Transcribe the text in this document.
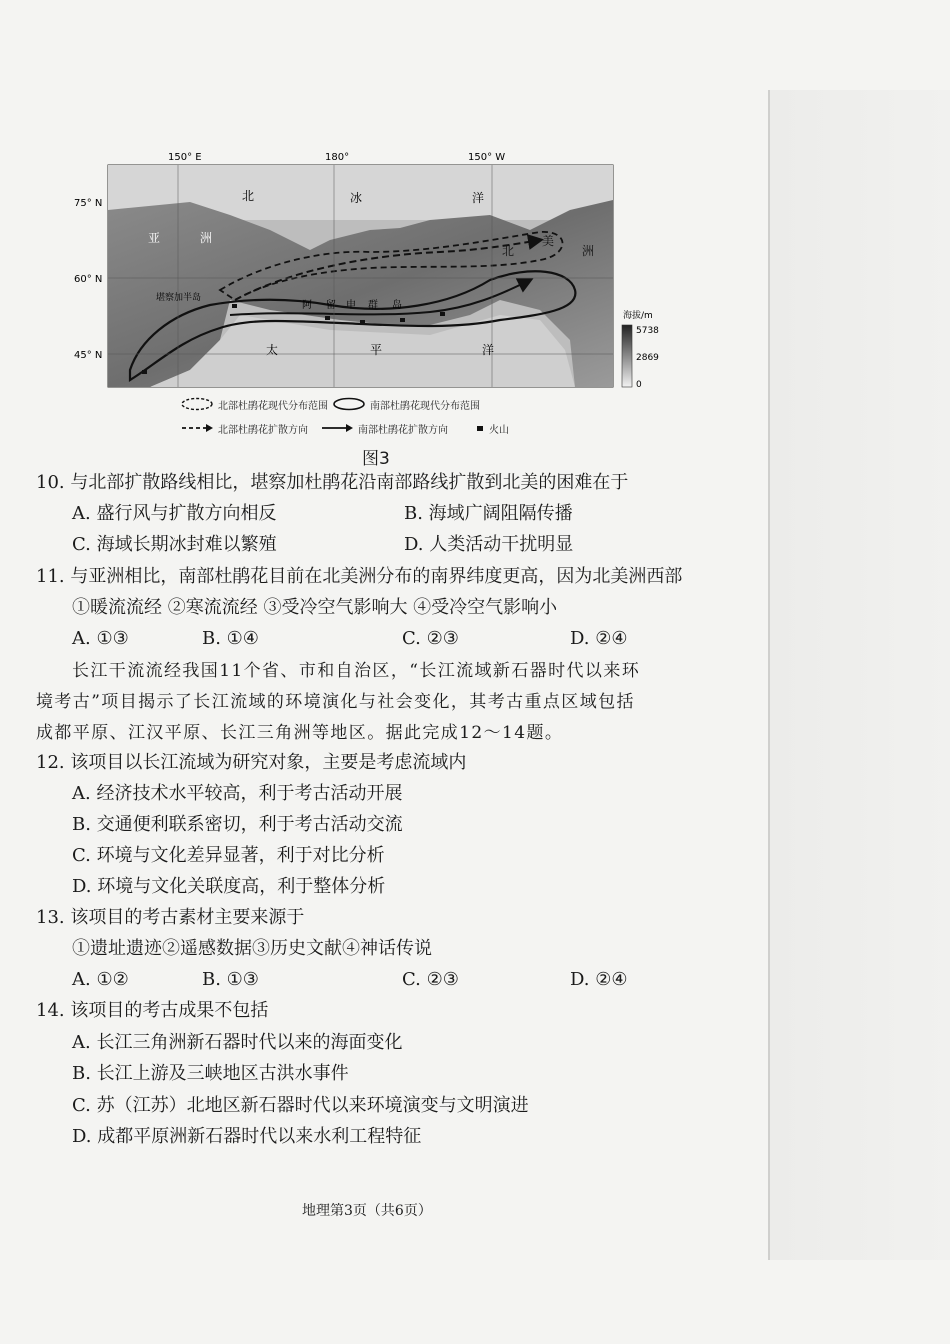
150° E	180°	150° W
75° N
60° N
45° N
北	冰	洋
亚	洲
北
美
洲
堪察加半岛
阿 留 申 群 岛
太	平	洋
海拔/m
5738
2869
0
北部杜鹃花现代分布范围	南部杜鹃花现代分布范围
北部杜鹃花扩散方向	南部杜鹃花扩散方向	火山
图3
10. 与北部扩散路线相比，堪察加杜鹃花沿南部路线扩散到北美的困难在于
A. 盛行风与扩散方向相反	B. 海域广阔阻隔传播
C. 海域长期冰封难以繁殖	D. 人类活动干扰明显
11. 与亚洲相比，南部杜鹃花目前在北美洲分布的南界纬度更高，因为北美洲西部
①暖流流经 ②寒流流经 ③受冷空气影响大 ④受冷空气影响小
A. ①③	B. ①④	C. ②③	D. ②④
长江干流流经我国11个省、市和自治区，“长江流域新石器时代以来环
境考古”项目揭示了长江流域的环境演化与社会变化，其考古重点区域包括
成都平原、江汉平原、长江三角洲等地区。据此完成12～14题。
12. 该项目以长江流域为研究对象，主要是考虑流域内
A. 经济技术水平较高，利于考古活动开展
B. 交通便利联系密切，利于考古活动交流
C. 环境与文化差异显著，利于对比分析
D. 环境与文化关联度高，利于整体分析
13. 该项目的考古素材主要来源于
①遗址遗迹②遥感数据③历史文献④神话传说
A. ①②	B. ①③	C. ②③	D. ②④
14. 该项目的考古成果不包括
A. 长江三角洲新石器时代以来的海面变化
B. 长江上游及三峡地区古洪水事件
C. 苏（江苏）北地区新石器时代以来环境演变与文明演进
D. 成都平原洲新石器时代以来水利工程特征
地理第3页（共6页）
